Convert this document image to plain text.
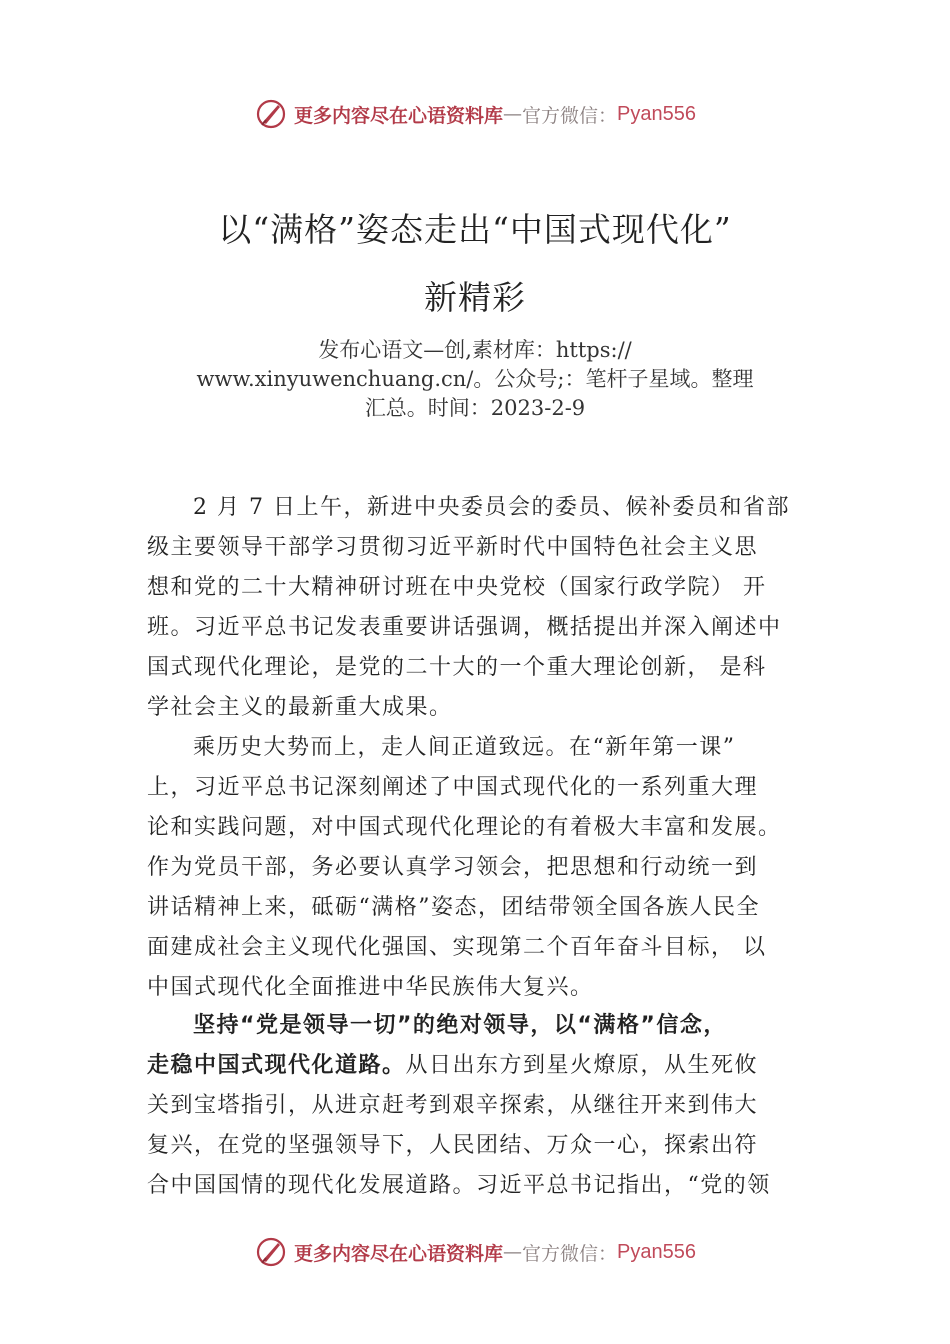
更多内容尽在心语资料库 — 官方微信： Pyan556
以“满格”姿态走出“中国式现代化”
新精彩
发布心语文—创,素材库：https://
www.xinyuwenchuang.cn/。公众号;：笔杆子星域。整理
汇总。时间：2023-2-9
2 月 7 日上午，新进中央委员会的委员、候补委员和省部
级主要领导干部学习贯彻习近平新时代中国特色社会主义思
想和党的二十大精神研讨班在中央党校（国家行政学院） 开
班。习近平总书记发表重要讲话强调，概括提出并深入阐述中
国式现代化理论，是党的二十大的一个重大理论创新， 是科
学社会主义的最新重大成果。
乘历史大势而上，走人间正道致远。在“新年第一课”
上，习近平总书记深刻阐述了中国式现代化的一系列重大理
论和实践问题，对中国式现代化理论的有着极大丰富和发展。
作为党员干部，务必要认真学习领会，把思想和行动统一到
讲话精神上来，砥砺“满格”姿态，团结带领全国各族人民全
面建成社会主义现代化强国、实现第二个百年奋斗目标， 以
中国式现代化全面推进中华民族伟大复兴。
坚持“党是领导一切”的绝对领导，以“满格”信念，
走稳中国式现代化道路。从日出东方到星火燎原，从生死攸
关到宝塔指引，从进京赶考到艰辛探索，从继往开来到伟大
复兴，在党的坚强领导下，人民团结、万众一心，探索出符
合中国国情的现代化发展道路。习近平总书记指出，“党的领
更多内容尽在心语资料库 — 官方微信： Pyan556
